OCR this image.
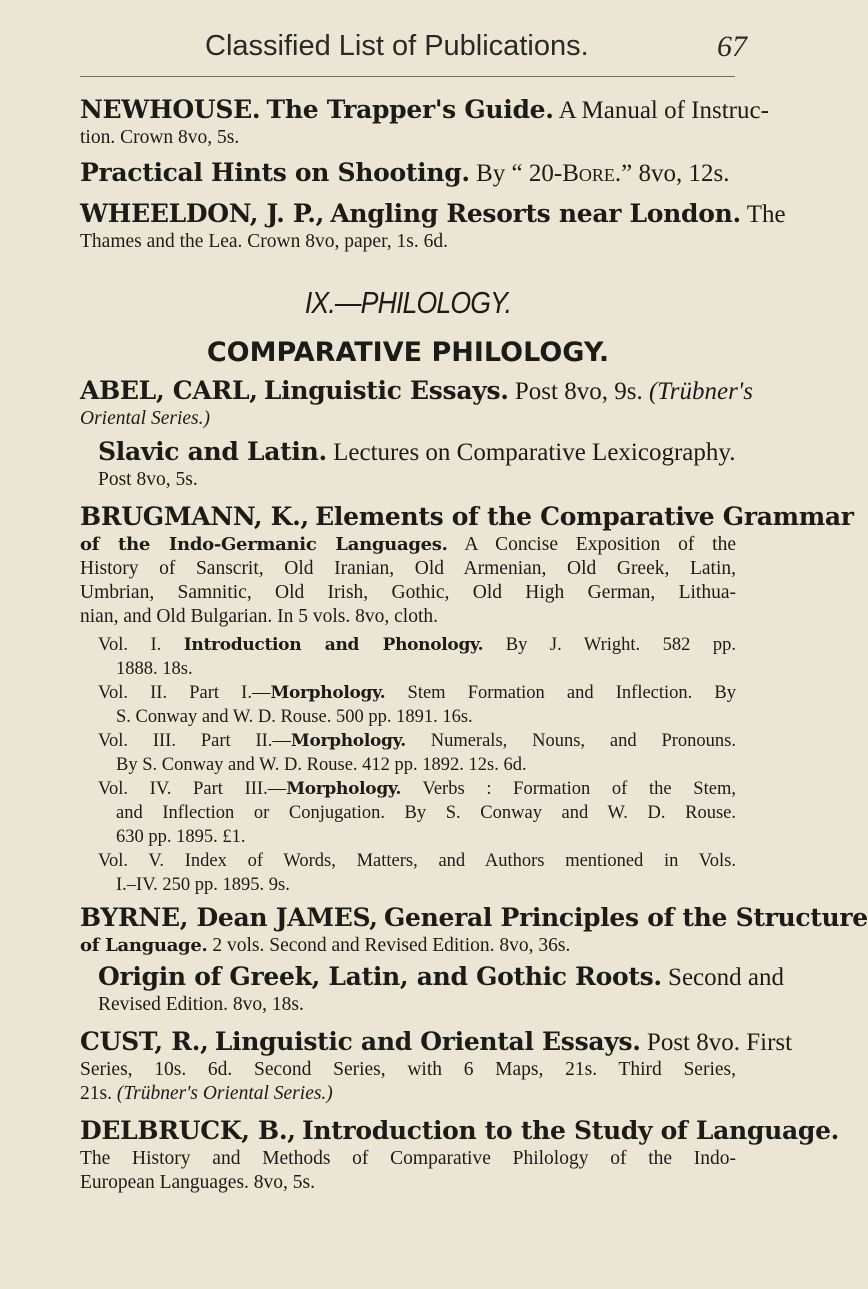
Classified List of Publications.	67
NEWHOUSE. The Trapper's Guide. A Manual of Instruc-
tion. Crown 8vo, 5s.
Practical Hints on Shooting. By “ 20-Bore.” 8vo, 12s.
WHEELDON, J. P., Angling Resorts near London. The
Thames and the Lea. Crown 8vo, paper, 1s. 6d.
IX.—PHILOLOGY.
COMPARATIVE PHILOLOGY.
ABEL, CARL, Linguistic Essays. Post 8vo, 9s. (Trübner's
Oriental Series.)
Slavic and Latin. Lectures on Comparative Lexicography.
Post 8vo, 5s.
BRUGMANN, K., Elements of the Comparative Grammar
of the Indo-Germanic Languages. A Concise Exposition of the
History of Sanscrit, Old Iranian, Old Armenian, Old Greek, Latin,
Umbrian, Samnitic, Old Irish, Gothic, Old High German, Lithua-
nian, and Old Bulgarian. In 5 vols. 8vo, cloth.
Vol. I. Introduction and Phonology. By J. Wright. 582 pp.
1888. 18s.
Vol. II. Part I.—Morphology. Stem Formation and Inflection. By
S. Conway and W. D. Rouse. 500 pp. 1891. 16s.
Vol. III. Part II.—Morphology. Numerals, Nouns, and Pronouns.
By S. Conway and W. D. Rouse. 412 pp. 1892. 12s. 6d.
Vol. IV. Part III.—Morphology. Verbs : Formation of the Stem,
and Inflection or Conjugation. By S. Conway and W. D. Rouse.
630 pp. 1895. £1.
Vol. V. Index of Words, Matters, and Authors mentioned in Vols.
I.–IV. 250 pp. 1895. 9s.
BYRNE, Dean JAMES, General Principles of the Structure
of Language. 2 vols. Second and Revised Edition. 8vo, 36s.
Origin of Greek, Latin, and Gothic Roots. Second and
Revised Edition. 8vo, 18s.
CUST, R., Linguistic and Oriental Essays. Post 8vo. First
Series, 10s. 6d. Second Series, with 6 Maps, 21s. Third Series,
21s. (Trübner's Oriental Series.)
DELBRUCK, B., Introduction to the Study of Language.
The History and Methods of Comparative Philology of the Indo-
European Languages. 8vo, 5s.
